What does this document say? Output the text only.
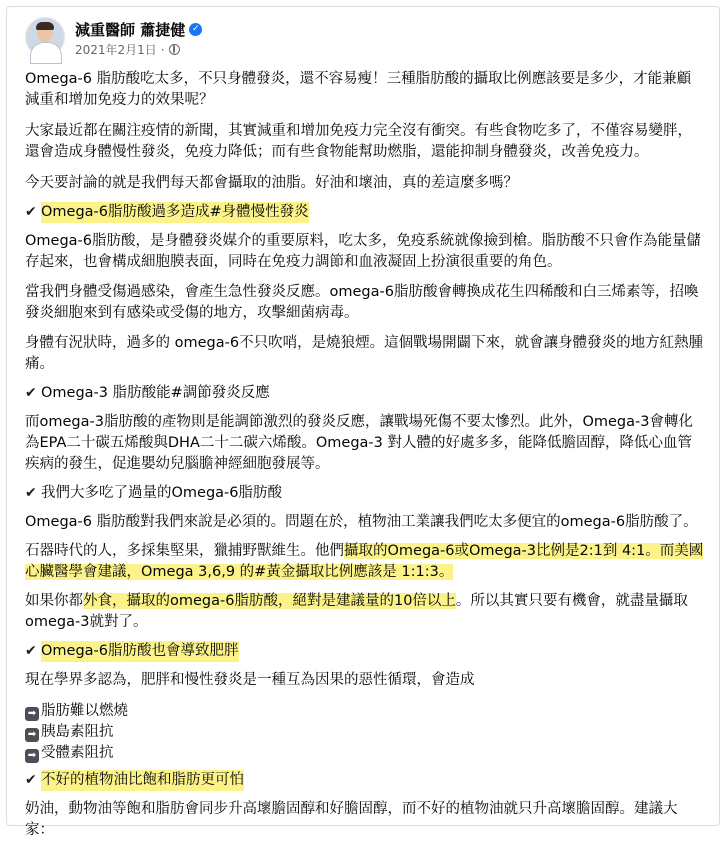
減重醫師 蕭捷健 ✓
2021年2月1日 ·

Omega-6 脂肪酸吃太多，不只身體發炎，還不容易瘦！三種脂肪酸的攝取比例應該要是多少，才能兼顧減重和增加免疫力的效果呢？

大家最近都在關注疫情的新聞，其實減重和增加免疫力完全沒有衝突。有些食物吃多了，不僅容易變胖，還會造成身體慢性發炎，免疫力降低；而有些食物能幫助燃脂，還能抑制身體發炎，改善免疫力。

今天要討論的就是我們每天都會攝取的油脂。好油和壞油，真的差這麼多嗎？

✔ Omega-6脂肪酸過多造成#身體慢性發炎

Omega-6脂肪酸，是身體發炎媒介的重要原料，吃太多，免疫系統就像撿到槍。脂肪酸不只會作為能量儲存起來，也會構成細胞膜表面，同時在免疫力調節和血液凝固上扮演很重要的角色。

當我們身體受傷過感染，會產生急性發炎反應。omega-6脂肪酸會轉換成花生四稀酸和白三烯素等，招喚發炎細胞來到有感染或受傷的地方，攻擊細菌病毒。

身體有況狀時，過多的 omega-6不只吹哨，是燒狼煙。這個戰場開闢下來，就會讓身體發炎的地方紅熱腫痛。

✔ Omega-3 脂肪酸能#調節發炎反應

而omega-3脂肪酸的產物則是能調節激烈的發炎反應，讓戰場死傷不要太慘烈。此外，Omega-3會轉化為EPA二十碳五烯酸與DHA二十二碳六烯酸。Omega-3 對人體的好處多多，能降低膽固醇，降低心血管疾病的發生，促進嬰幼兒腦膽神經細胞發展等。

✔ 我們大多吃了過量的Omega-6脂肪酸

Omega-6 脂肪酸對我們來說是必須的。問題在於，植物油工業讓我們吃太多便宜的omega-6脂肪酸了。

石器時代的人，多採集堅果，獵捕野獸維生。他們攝取的Omega-6或Omega-3比例是2:1到 4:1。而美國心臟醫學會建議，Omega 3,6,9 的#黃金攝取比例應該是 1:1:3。

如果你都外食，攝取的omega-6脂肪酸，絕對是建議量的10倍以上。所以其實只要有機會，就盡量攝取omega-3就對了。

✔ Omega-6脂肪酸也會導致肥胖

現在學界多認為，肥胖和慢性發炎是一種互為因果的惡性循環，會造成

➡ 脂肪難以燃燒
➡ 胰島素阻抗
➡ 受體素阻抗

✔ 不好的植物油比飽和脂肪更可怕

奶油，動物油等飽和脂肪會同步升高壞膽固醇和好膽固醇，而不好的植物油就只升高壞膽固醇。建議大家：
